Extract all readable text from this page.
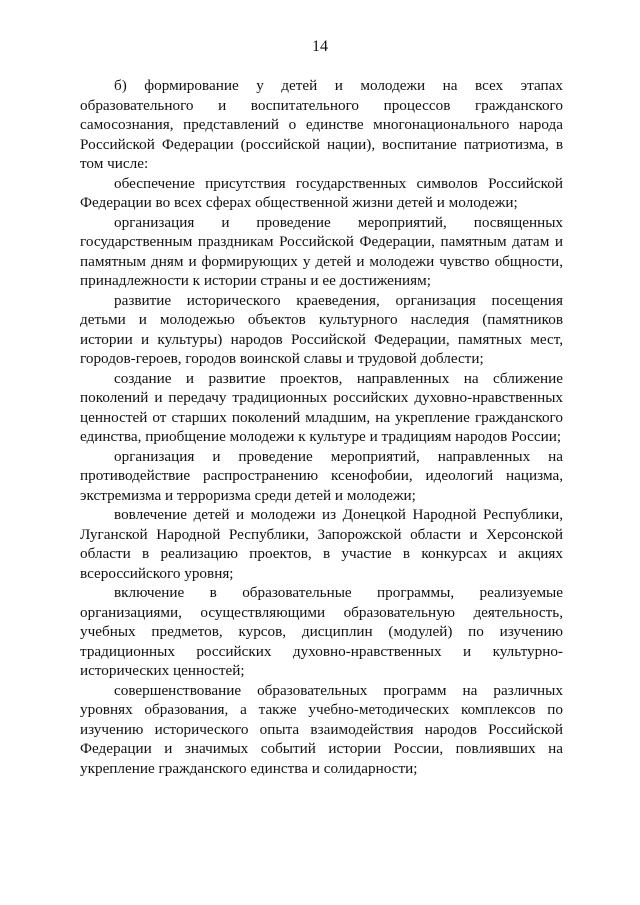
14

б) формирование у детей и молодежи на всех этапах образовательного и воспитательного процессов гражданского самосознания, представлений о единстве многонационального народа Российской Федерации (российской нации), воспитание патриотизма, в том числе:

обеспечение присутствия государственных символов Российской Федерации во всех сферах общественной жизни детей и молодежи;

организация и проведение мероприятий, посвященных государственным праздникам Российской Федерации, памятным датам и памятным дням и формирующих у детей и молодежи чувство общности, принадлежности к истории страны и ее достижениям;

развитие исторического краеведения, организация посещения детьми и молодежью объектов культурного наследия (памятников истории и культуры) народов Российской Федерации, памятных мест, городов-героев, городов воинской славы и трудовой доблести;

создание и развитие проектов, направленных на сближение поколений и передачу традиционных российских духовно-нравственных ценностей от старших поколений младшим, на укрепление гражданского единства, приобщение молодежи к культуре и традициям народов России;

организация и проведение мероприятий, направленных на противодействие распространению ксенофобии, идеологий нацизма, экстремизма и терроризма среди детей и молодежи;

вовлечение детей и молодежи из Донецкой Народной Республики, Луганской Народной Республики, Запорожской области и Херсонской области в реализацию проектов, в участие в конкурсах и акциях всероссийского уровня;

включение в образовательные программы, реализуемые организациями, осуществляющими образовательную деятельность, учебных предметов, курсов, дисциплин (модулей) по изучению традиционных российских духовно-нравственных и культурно-исторических ценностей;

совершенствование образовательных программ на различных уровнях образования, а также учебно-методических комплексов по изучению исторического опыта взаимодействия народов Российской Федерации и значимых событий истории России, повлиявших на укрепление гражданского единства и солидарности;
